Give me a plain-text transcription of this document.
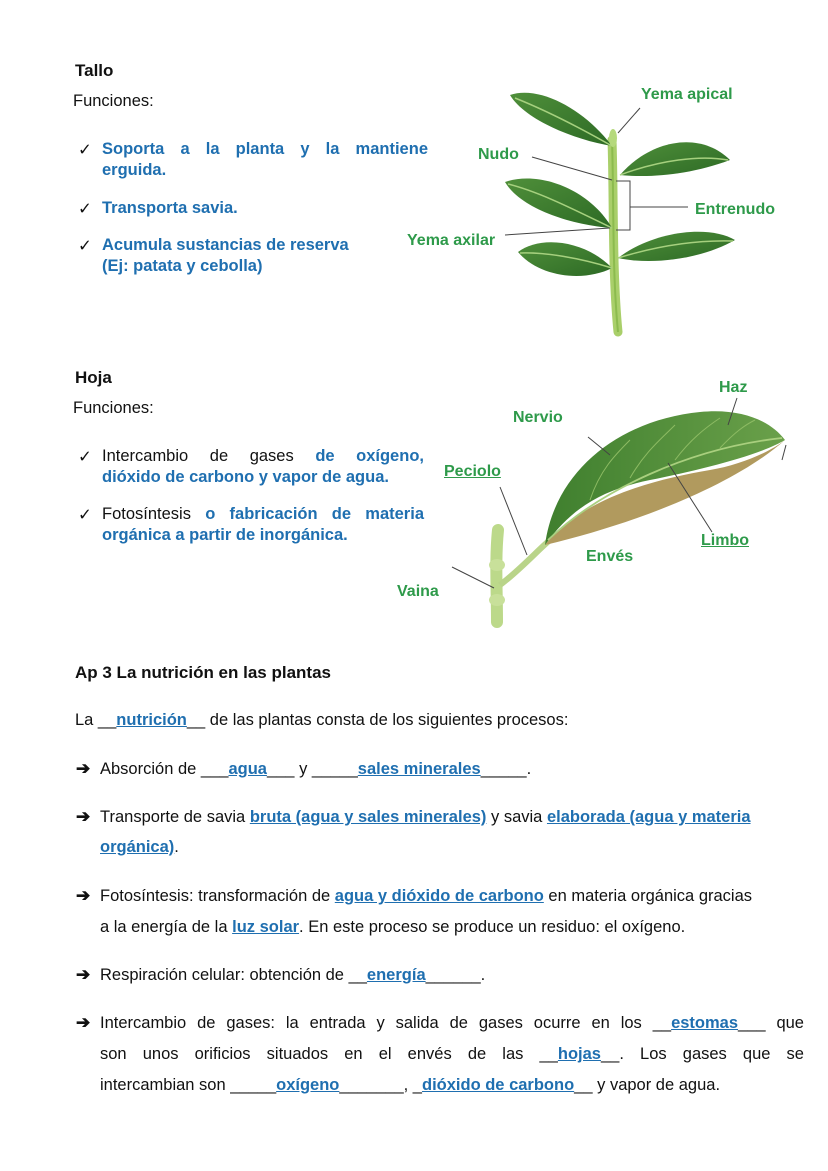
Tallo
Funciones:
✓ Soporta a la planta y la mantiene
erguida.
✓ Transporta savia.
✓ Acumula sustancias de reserva
(Ej: patata y cebolla)
Yema apical
Nudo
Entrenudo
Yema axilar
Hoja
Funciones:
✓ Intercambio de gases de oxígeno,
dióxido de carbono y vapor de agua.
✓ Fotosíntesis o fabricación de materia
orgánica a partir de inorgánica.
Haz
Nervio
Peciolo
Limbo
Envés
Vaina
Ap 3 La nutrición en las plantas
La __nutrición__ de las plantas consta de los siguientes procesos:
➔ Absorción de ___agua___ y _____sales minerales_____.
➔ Transporte de savia bruta (agua y sales minerales) y savia elaborada (agua y materia
orgánica).
➔ Fotosíntesis: transformación de agua y dióxido de carbono en materia orgánica gracias
a la energía de la luz solar. En este proceso se produce un residuo: el oxígeno.
➔ Respiración celular: obtención de __energía______.
➔ Intercambio de gases: la entrada y salida de gases ocurre en los __estomas___ que
son unos orificios situados en el envés de las __hojas__. Los gases que se
intercambian son _____oxígeno_______, _dióxido de carbono__ y vapor de agua.
